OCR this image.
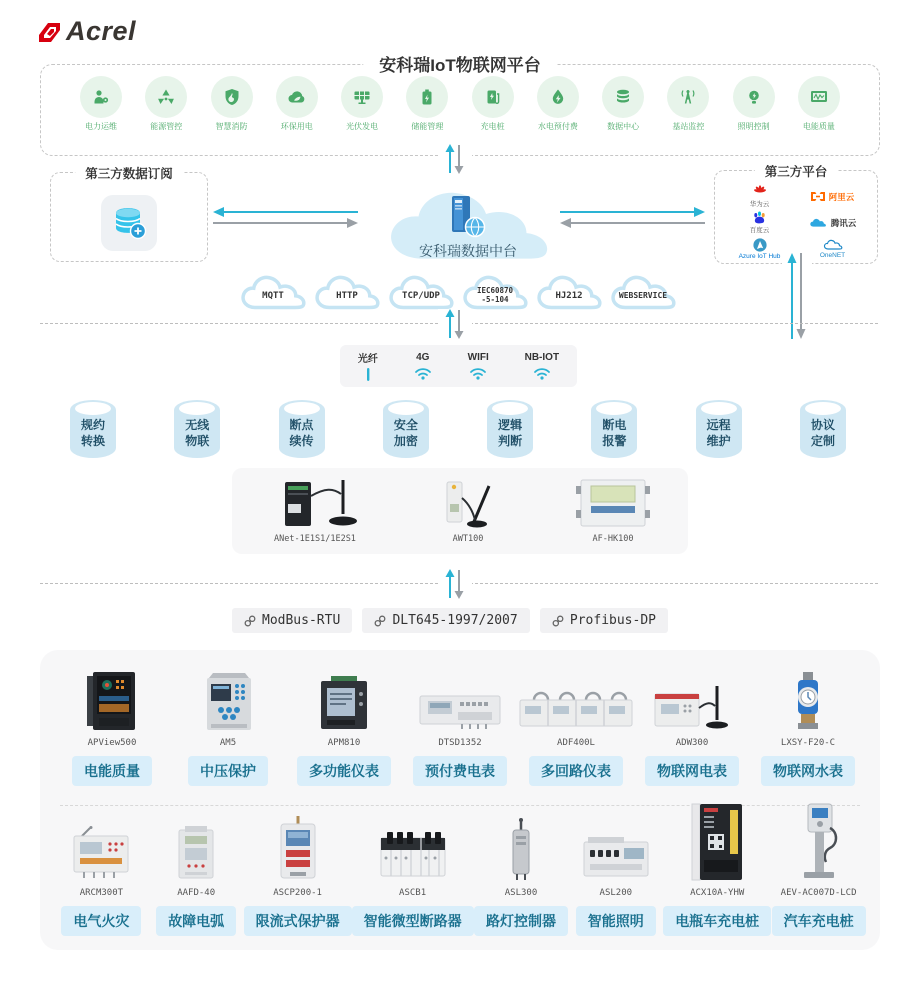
Acrel
安科瑞IoT物联网平台
电力运维	能源管控	智慧消防	环保用电	光伏发电	储能管理	充电桩	水电预付费	数据中心	基站监控	照明控制	电能质量
第三方数据订阅
安科瑞数据中台
第三方平台
华为云
阿里云
百度云
腾讯云
Azure IoT Hub	OneNET
MQTT	HTTP	TCP/UDP	IEC60870 -5-104	HJ212	WEBSERVICE
光纤	4G	WIFI	NB-IOT
规约转换
无线物联
断点续传
安全加密
逻辑判断
断电报警
远程维护
协议定制
ANet-1E1S1/1E2S1	AWT100	AF-HK100
ModBus-RTU	DLT645-1997/2007	Profibus-DP
APView500
电能质量
AM5
中压保护
APM810
多功能仪表
DTSD1352
预付费电表
ADF400L
多回路仪表
ADW300
物联网电表
LXSY-F20-C
物联网水表
ARCM300T
电气火灾
AAFD-40
故障电弧
ASCP200-1
限流式保护器
ASCB1
智能微型断路器
ASL300
路灯控制器
ASL200
智能照明
ACX10A-YHW
电瓶车充电桩
AEV-AC007D-LCD
汽车充电桩
